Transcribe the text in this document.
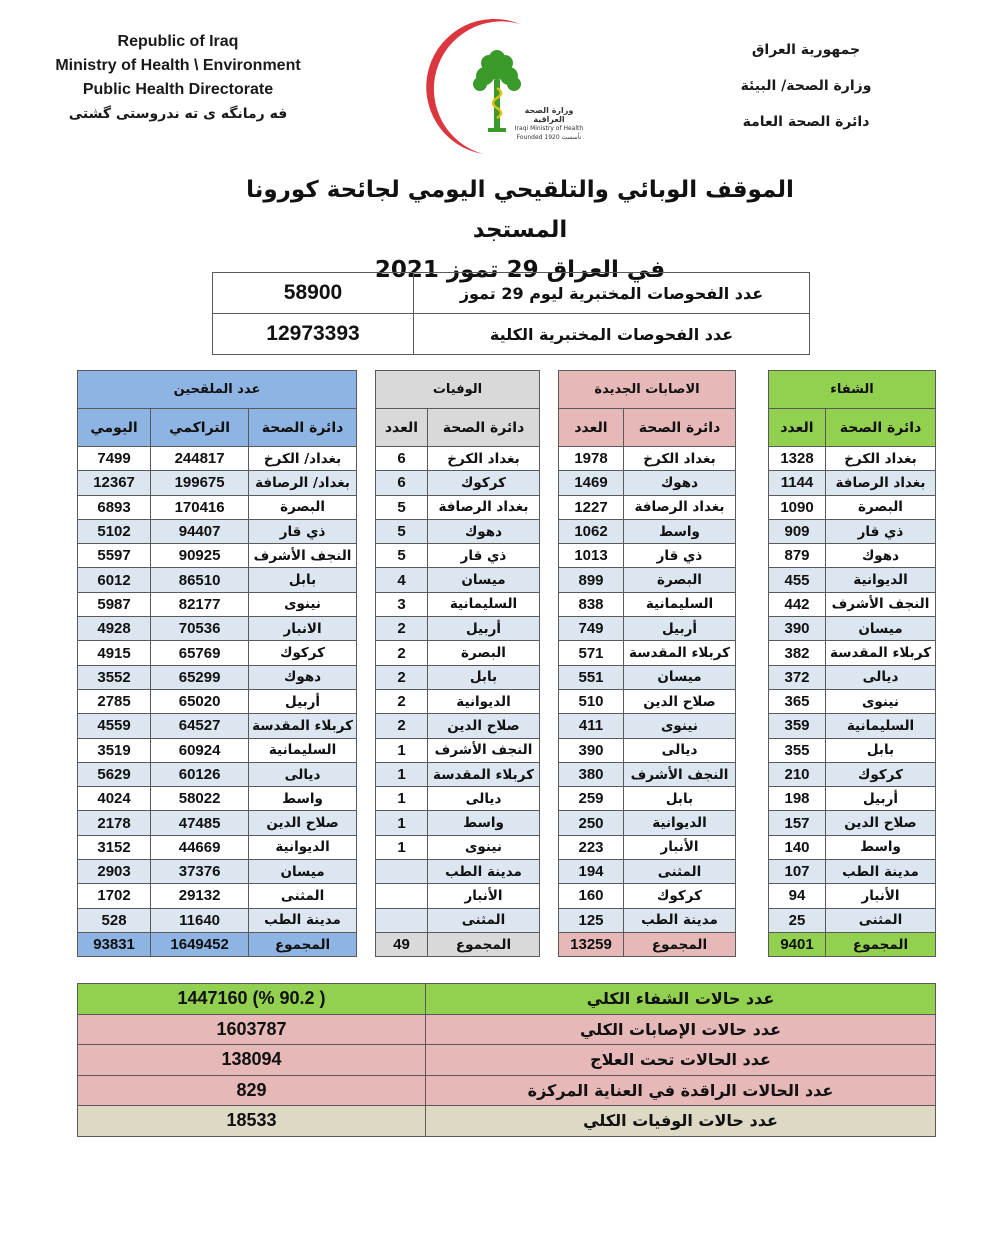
Republic of Iraq
Ministry of Health \ Environment
Public Health Directorate
فه رمانگه ی ته ندروستی گشتی	وزارة الصحة العراقية
Iraqi Ministry of Health
Founded 1920 تأسست
جمهورية العراق
وزارة الصحة/ البيئة
دائرة الصحة العامة
الموقف الوبائي والتلقيحي اليومي لجائحة كورونا المستجد
في العراق 29 تموز 2021
عدد الفحوصات المختبرية ليوم 29 تموز	58900
عدد الفحوصات المختبرية الكلية	12973393
الشفاء	
دائرة الصحة	العدد
بغداد الكرخ	1328
بغداد الرصافة	1144
البصرة	1090
ذي قار	909
دهوك	879
الديوانية	455
النجف الأشرف	442
ميسان	390
كربلاء المقدسة	382
ديالى	372
نينوى	365
السليمانية	359
بابل	355
كركوك	210
أربيل	198
صلاح الدين	157
واسط	140
مدينة الطب	107
الأنبار	94
المثنى	25
المجموع	9401
الاصابات الجديدة	
دائرة الصحة	العدد
بغداد الكرخ	1978
دهوك	1469
بغداد الرصافة	1227
واسط	1062
ذي قار	1013
البصرة	899
السليمانية	838
أربيل	749
كربلاء المقدسة	571
ميسان	551
صلاح الدين	510
نينوى	411
ديالى	390
النجف الأشرف	380
بابل	259
الديوانية	250
الأنبار	223
المثنى	194
كركوك	160
مدينة الطب	125
المجموع	13259
الوفيات	
دائرة الصحة	العدد
بغداد الكرخ	6
كركوك	6
بغداد الرصافة	5
دهوك	5
ذي قار	5
ميسان	4
السليمانية	3
أربيل	2
البصرة	2
بابل	2
الديوانية	2
صلاح الدين	2
النجف الأشرف	1
كربلاء المقدسة	1
ديالى	1
واسط	1
نينوى	1
مدينة الطب	
الأنبار	
المثنى	
المجموع	49
عدد الملقحين		
دائرة الصحة	التراكمي	اليومي
بغداد/ الكرخ	244817	7499
بغداد/ الرصافة	199675	12367
البصرة	170416	6893
ذي قار	94407	5102
النجف الأشرف	90925	5597
بابل	86510	6012
نينوى	82177	5987
الانبار	70536	4928
كركوك	65769	4915
دهوك	65299	3552
أربيل	65020	2785
كربلاء المقدسة	64527	4559
السليمانية	60924	3519
ديالى	60126	5629
واسط	58022	4024
صلاح الدين	47485	2178
الديوانية	44669	3152
ميسان	37376	2903
المثنى	29132	1702
مدينة الطب	11640	528
المجموع	1649452	93831
عدد حالات الشفاء الكلي	1447160 (% 90.2 )
عدد حالات الإصابات الكلي	1603787
عدد الحالات تحت العلاج	138094
عدد الحالات الراقدة في العناية المركزة	829
عدد حالات الوفيات الكلي	18533
